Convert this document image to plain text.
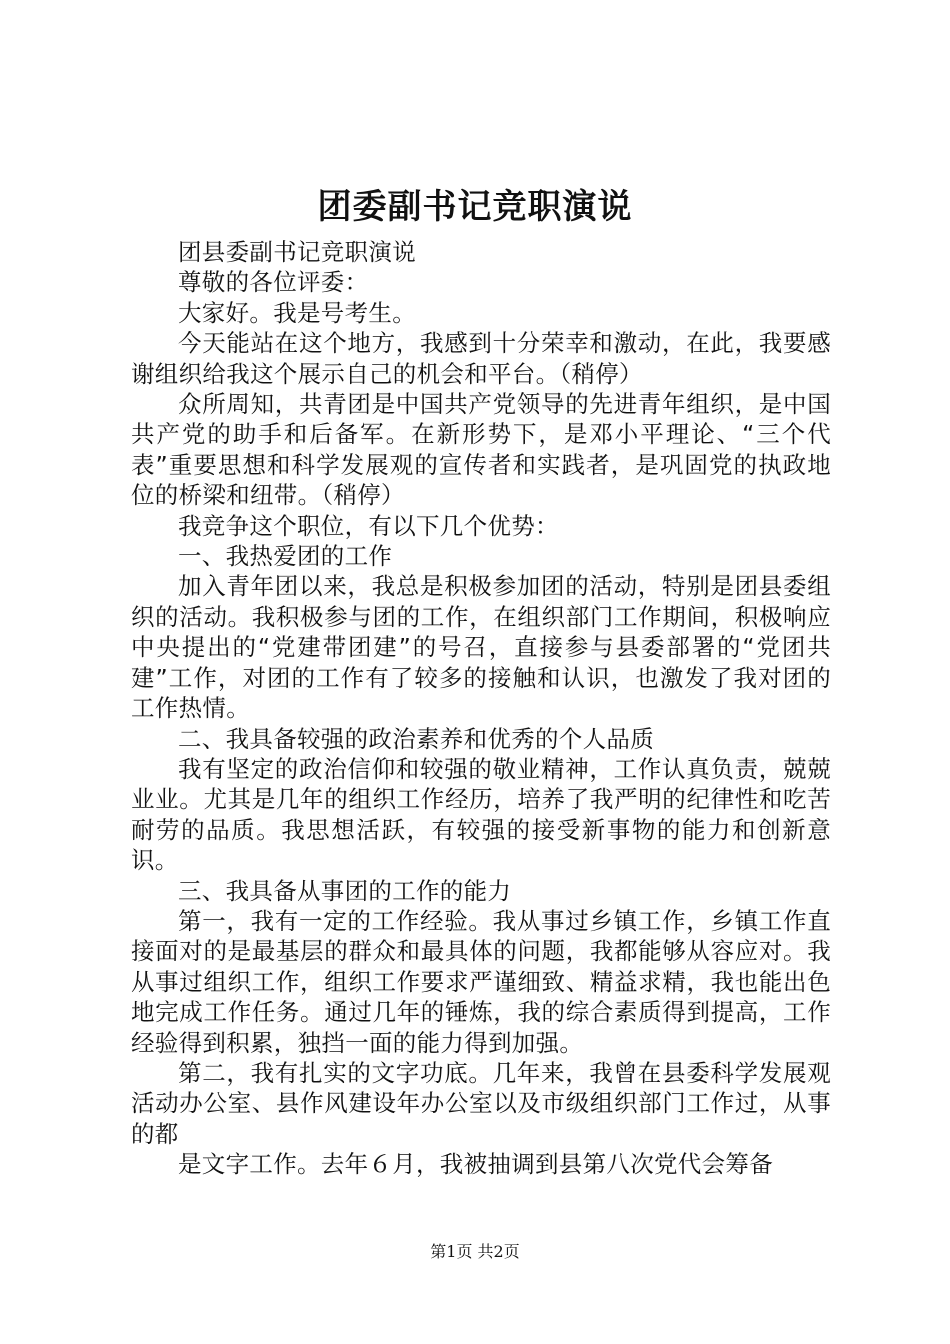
团委副书记竞职演说

团县委副书记竞职演说

尊敬的各位评委：

大家好。我是号考生。

今天能站在这个地方，我感到十分荣幸和激动，在此，我要感谢组织给我这个展示自己的机会和平台。（稍停）

众所周知，共青团是中国共产党领导的先进青年组织，是中国共产党的助手和后备军。在新形势下，是邓小平理论、“三个代表”重要思想和科学发展观的宣传者和实践者，是巩固党的执政地位的桥梁和纽带。（稍停）

我竞争这个职位，有以下几个优势：

一、我热爱团的工作

加入青年团以来，我总是积极参加团的活动，特别是团县委组织的活动。我积极参与团的工作，在组织部门工作期间，积极响应中央提出的“党建带团建”的号召，直接参与县委部署的“党团共建”工作，对团的工作有了较多的接触和认识，也激发了我对团的工作热情。

二、我具备较强的政治素养和优秀的个人品质

我有坚定的政治信仰和较强的敬业精神，工作认真负责，兢兢业业。尤其是几年的组织工作经历，培养了我严明的纪律性和吃苦耐劳的品质。我思想活跃，有较强的接受新事物的能力和创新意识。

三、我具备从事团的工作的能力

第一，我有一定的工作经验。我从事过乡镇工作，乡镇工作直接面对的是最基层的群众和最具体的问题，我都能够从容应对。我从事过组织工作，组织工作要求严谨细致、精益求精，我也能出色地完成工作任务。通过几年的锤炼，我的综合素质得到提高，工作经验得到积累，独挡一面的能力得到加强。

第二，我有扎实的文字功底。几年来，我曾在县委科学发展观活动办公室、县作风建设年办公室以及市级组织部门工作过，从事的都

是文字工作。去年６月，我被抽调到县第八次党代会筹备

第1页 共2页
